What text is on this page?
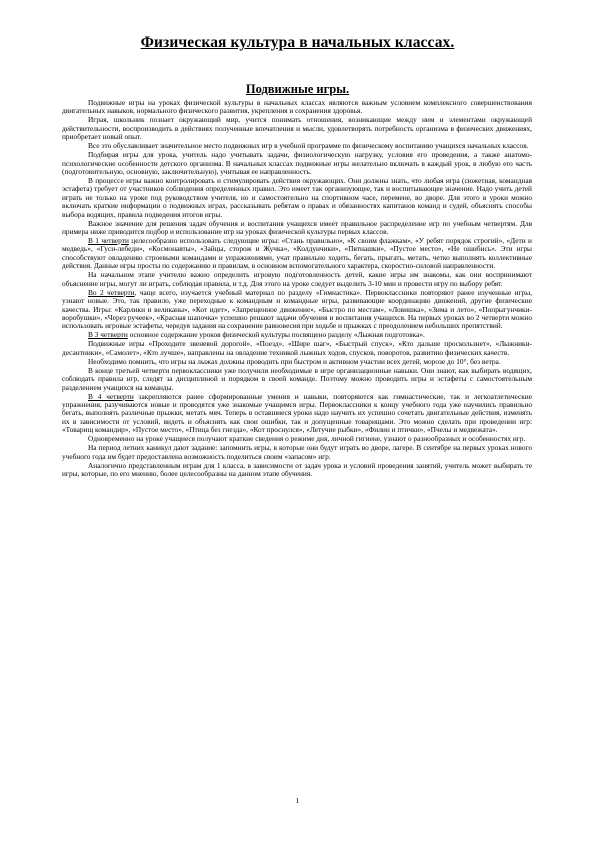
Физическая культура в начальных классах.
Подвижные игры.

Подвижные игры на уроках физической культуры в начальных классах являются важным условием комплексного совершенствования двигательных навыков, нормального физического развития, укрепления и сохранения здоровья.

Играя, школьник познает окружающий мир, учится понимать отношения, возникающие между ним и элементами окружающей действительности, воспроизводить в действиях полученные впечатления и мысли, удовлетворять потребность организма в физических движениях, приобретает новый опыт.

Все это обуславливает значительное место подвижных игр в учебной программе по физическому воспитанию учащихся начальных классов.

Подбирая игры для урока, учитель надо учитывать задачи, физиологическую нагрузку, условия его проведения, а также анатомо-психологические особенности детского организма. В начальных классах подвижные игры желательно включать в каждый урок, в любую его часть (подготовительную, основную, заключительную), учитывая ее направленность.

В процессе игры важно контролировать и стимулировать действия окружающих. Они должны знать, что любая игра (сюжетная, командная эстафета) требует от участников соблюдения определенных правил. Это имеет так организующее, так и воспитывающее значение. Надо учить детей играть не только на уроке под руководством учителя, но и самостоятельно на спортивном часе, перемене, во дворе. Для этого в уроки можно включать краткие информации о подвижных играх, рассказывать ребятам о правах и обязанностях капитанов команд и судей, объяснять способы выбора водящих, правила подведения итогов игры.

Важное значение для решения задач обучения и воспитания учащихся имеет правильное распределение игр по учебным четвертям. Для примера ниже приводится подбор и использование игр на уроках физической культуры первых классов.

В 1 четверти целесообразно использовать следующие игры: «Стань правильно», «К своим флажкам», «У ребят порядок строгий», «Дети и медведь», «Гуси-лебеди», «Космонавты», «Зайцы, сторож и Жучка», «Колдунчики», «Пятнашки», «Пустое место», «Не ошибись». Эти игры способствуют овладению строевыми командами и упражнениями, учат правильно ходить, бегать, прыгать, метать, четко выполнять коллективные действия. Данные игры просты по содержанию и правилам, в основном вспомогательного характера, скоростно-силовой направленности.

На начальном этапе учителю важно определить игровую подготовленность детей, какие игры им знакомы, как они воспринимают объяснение игры, могут ли играть, соблюдая правила, и т.д. Для этого на уроке следует выделить 3-10 мин и провести игру по выбору ребят.

Во 2 четверти, чаще всего, изучается учебный материал по разделу «Гимнастика». Первоклассники повторяют ранее изученные игры, узнают новые. Это, так правило, уже переходные к командным и командные игры, развивающие координацию движений, другие физические качества. Игры: «Карлики и великаны», «Кот идет», «Запрещенное движение», «Быстро по местам», «Ловишка», «Зима и лето», «Попрыгунчики-воробушки», «Через ручеек», «Красная шапочка» успешно решают задачи обучения и воспитания учащихся. На первых уроках во 2 четверти можно использовать игровые эстафеты, чередуя задания на сохранение равновесия при ходьбе и прыжках с преодолением небольших препятствий.

В 3 четверти основное содержание уроков физической культуры посвящено разделу «Лыжная подготовка».

Подвижные игры «Проходите звеневой дорогой», «Поезд», «Шире шаг», «Быстрый спуск», «Кто дальше проскользнет», «Лыжники-десантники», «Самолет», «Кто лучше», направлены на овладение техникой лыжных ходов, спусков, поворотов, развитию физических качеств.

Необходимо помнить, что игры на лыжах должны проводить при быстром и активном участии всех детей, морозе до 10°, без ветра.

В конце третьей четверти первоклассники уже получили необходимые в игре организационные навыки. Они знают, как выбирать водящих, соблюдать правила игр, следят за дисциплиной и порядком в своей команде. Поэтому можно проводить игры и эстафеты с самостоятельным разделением учащихся на команды.

В 4 четверти закрепляются ранее сформированные умения и навыки, повторяются как гимнастические, так и легкоатлетические упражнения, разучиваются новые и проводятся уже знакомые учащимся игры. Первоклассники к концу учебного года уже научились правильно бегать, выполнять различные прыжки, метать мяч. Теперь в оставшиеся уроки надо научить их успешно сочетать двигательные действия, изменять их в зависимости от условий, видеть и объяснять как свои ошибки, так и допущенные товарищами. Это можно сделать при проведении игр: «Товарищ командир», «Пустое место», «Птица без гнезда», «Кот проснулся», «Летучие рыбки», «Филин и птички», «Пчелы и медвежата».

Одновременно на уроке учащиеся получают краткие сведения о режиме дня, личной гигиене, узнают о разнообразных и особенностях игр.

На период летних каникул дают задание: запомнить игры, в которые они будут играть во дворе, лагере. В сентябре на первых уроках нового учебного года им будет предоставлена возможность поделиться своим «запасом» игр.

Аналогично представленным играм для 1 класса, в зависимости от задач урока и условий проведения занятий, учитель может выбирать те игры, которые, по его мнению, более целесообразны на данном этапе обучения.

1
